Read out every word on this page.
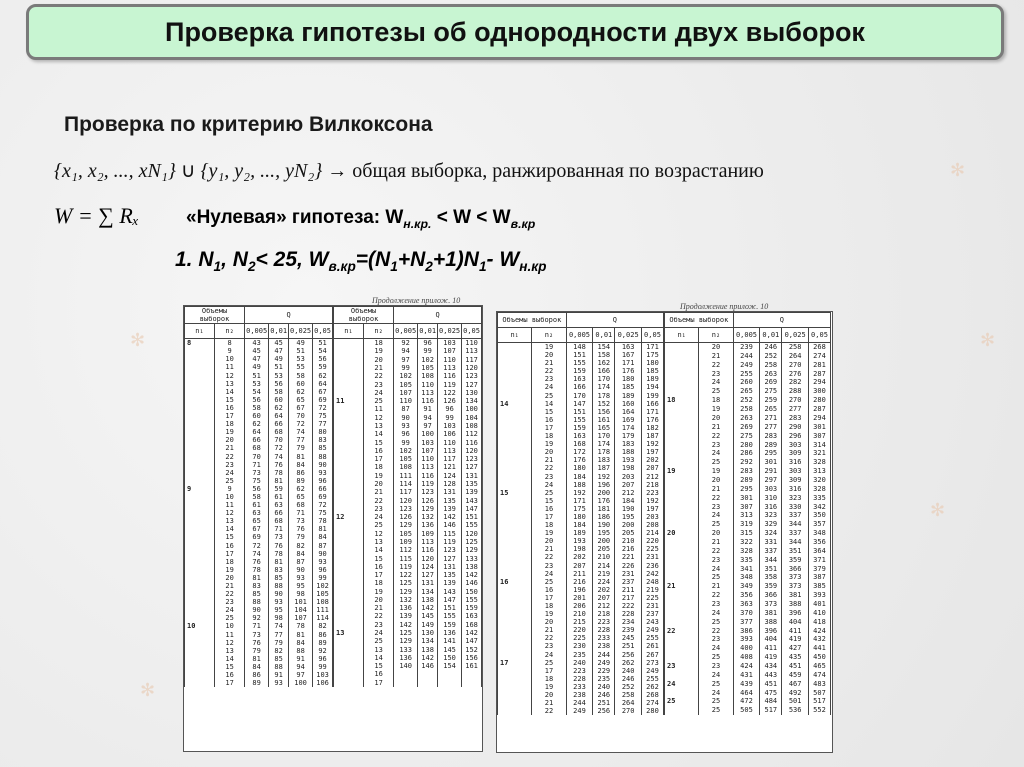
✻
✻
✻
✻
✻
Проверка гипотезы об однородности двух выборок
Проверка по критерию Вилкоксона
{x₁, x₂, ..., xN₁} ∪ {y₁, y₂, ..., yN₂} → общая выборка, ранжированная по возрастанию
W = ∑ Rₓ «Нулевая» гипотеза: $W_{н.кр.} < W < W_{в.кр}$
1. $N_1$, $N_2< 25$, $W_{в.кр}=(N_1+N_2+1)N_1-$ $W_{н.кр}$
Продолжение прилож. 10
Объемы выборок		Q			
n₁	n₂	0,005	0,01	0,025	0,05
8	8	43	45	49	51
	9	45	47	51	54
	10	47	49	53	56
	11	49	51	55	59
	12	51	53	58	62
	13	53	56	60	64
	14	54	58	62	67
	15	56	60	65	69
	16	58	62	67	72
	17	60	64	70	75
	18	62	66	72	77
	19	64	68	74	80
	20	66	70	77	83
	21	68	72	79	85
	22	70	74	81	88
	23	71	76	84	90
	24	73	78	86	93
	25	75	81	89	96
9	9	56	59	62	66
	10	58	61	65	69
	11	61	63	68	72
	12	63	66	71	75
	13	65	68	73	78
	14	67	71	76	81
	15	69	73	79	84
	16	72	76	82	87
	17	74	78	84	90
	18	76	81	87	93
	19	78	83	90	96
	20	81	85	93	99
	21	83	88	95	102
	22	85	90	98	105
	23	88	93	101	108
	24	90	95	104	111
	25	92	98	107	114
10	10	71	74	78	82
	11	73	77	81	86
	12	76	79	84	89
	13	79	82	88	92
	14	81	85	91	96
	15	84	88	94	99
	16	86	91	97	103
	17	89	93	100	106
Объемы выборок		Q			
n₁	n₂	0,005	0,01	0,025	0,05
	18	92	96	103	110
	19	94	99	107	113
	20	97	102	110	117
	21	99	105	113	120
	22	102	108	116	123
	23	105	110	119	127
	24	107	113	122	130
11	25	110	116	126	134
	11	87	91	96	100
	12	90	94	99	104
	13	93	97	103	108
	14	96	100	106	112
	15	99	103	110	116
	16	102	107	113	120
	17	105	110	117	123
	18	108	113	121	127
	19	111	116	124	131
	20	114	119	128	135
	21	117	123	131	139
	22	120	126	135	143
	23	123	129	139	147
12	24	126	132	142	151
	25	129	136	146	155
	12	105	109	115	120
	13	109	113	119	125
	14	112	116	123	129
	15	115	120	127	133
	16	119	124	131	138
	17	122	127	135	142
	18	125	131	139	146
	19	129	134	143	150
	20	132	138	147	155
	21	136	142	151	159
	22	139	145	155	163
	23	142	149	159	168
13	24	125	130	136	142
	25	129	134	141	147
	13	133	138	145	152
	14	136	142	150	156
	15	140	146	154	161
	16				
	17				
Продолжение прилож. 10
Объемы выборок		Q			
n₁	n₂	0,005	0,01	0,025	0,05
	19	148	154	163	171
	20	151	158	167	175
	21	155	162	171	180
	22	159	166	176	185
	23	163	170	180	189
	24	166	174	185	194
	25	170	178	189	199
14	14	147	152	160	166
	15	151	156	164	171
	16	155	161	169	176
	17	159	165	174	182
	18	163	170	179	187
	19	168	174	183	192
	20	172	178	188	197
	21	176	183	193	202
	22	180	187	198	207
	23	184	192	203	212
	24	188	196	207	218
15	25	192	200	212	223
	15	171	176	184	192
	16	175	181	190	197
	17	180	186	195	203
	18	184	190	200	208
	19	189	195	205	214
	20	193	200	210	220
	21	198	205	216	225
	22	202	210	221	231
	23	207	214	226	236
	24	211	219	231	242
16	25	216	224	237	248
	16	196	202	211	219
	17	201	207	217	225
	18	206	212	222	231
	19	210	218	228	237
	20	215	223	234	243
	21	220	228	239	249
	22	225	233	245	255
	23	230	238	251	261
	24	235	244	256	267
17	25	240	249	262	273
	17	223	229	240	249
	18	228	235	246	255
	19	233	240	252	262
	20	238	246	258	268
	21	244	251	264	274
	22	249	256	270	280
Объемы выборок		Q			
n₁	n₂	0,005	0,01	0,025	0,05
	20	239	246	258	268
	21	244	252	264	274
	22	249	258	270	281
	23	255	263	276	287
	24	260	269	282	294
	25	265	275	288	300
18	18	252	259	270	280
	19	258	265	277	287
	20	263	271	283	294
	21	269	277	290	301
	22	275	283	296	307
	23	280	289	303	314
	24	286	295	309	321
	25	292	301	316	328
19	19	283	291	303	313
	20	289	297	309	320
	21	295	303	316	328
	22	301	310	323	335
	23	307	316	330	342
	24	313	323	337	350
	25	319	329	344	357
20	20	315	324	337	348
	21	322	331	344	356
	22	328	337	351	364
	23	335	344	359	371
	24	341	351	366	379
	25	348	358	373	387
21	21	349	359	373	385
	22	356	366	381	393
	23	363	373	388	401
	24	370	381	396	410
	25	377	388	404	418
22	22	386	396	411	424
	23	393	404	419	432
	24	400	411	427	441
	25	408	419	435	450
23	23	424	434	451	465
	24	431	443	459	474
24	25	439	451	467	483
	24	464	475	492	507
25	25	472	484	501	517
	25	505	517	536	552
